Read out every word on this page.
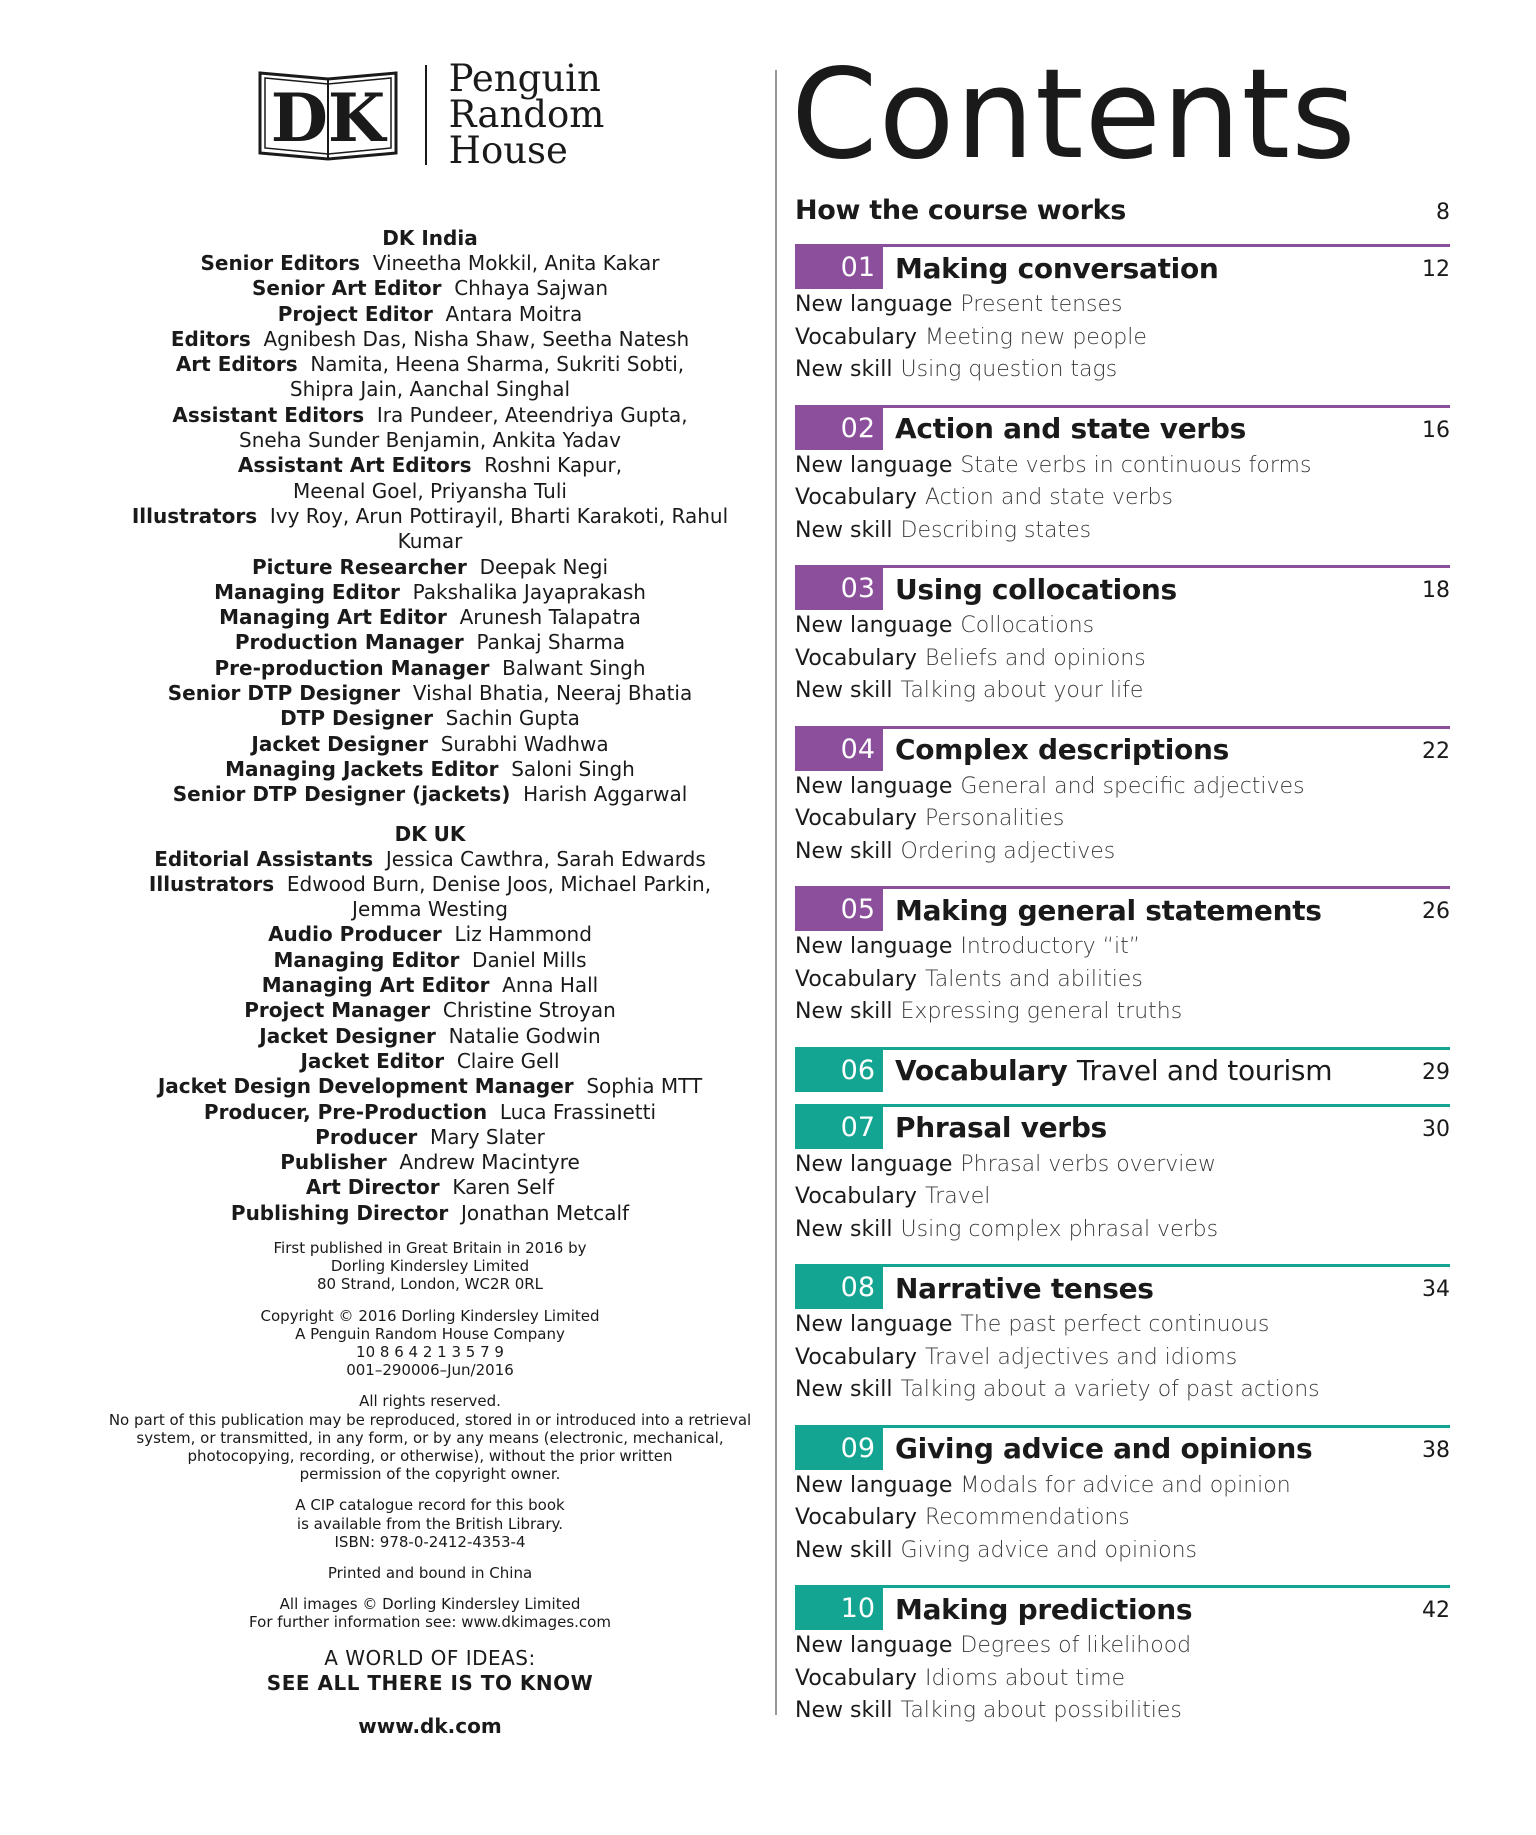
DK
Penguin
Random
House
DK India
Senior Editors Vineetha Mokkil, Anita Kakar
Senior Art Editor Chhaya Sajwan
Project Editor Antara Moitra
Editors Agnibesh Das, Nisha Shaw, Seetha Natesh
Art Editors Namita, Heena Sharma, Sukriti Sobti,
Shipra Jain, Aanchal Singhal
Assistant Editors Ira Pundeer, Ateendriya Gupta,
Sneha Sunder Benjamin, Ankita Yadav
Assistant Art Editors Roshni Kapur,
Meenal Goel, Priyansha Tuli
Illustrators Ivy Roy, Arun Pottirayil, Bharti Karakoti, Rahul Kumar
Picture Researcher Deepak Negi
Managing Editor Pakshalika Jayaprakash
Managing Art Editor Arunesh Talapatra
Production Manager Pankaj Sharma
Pre-production Manager Balwant Singh
Senior DTP Designer Vishal Bhatia, Neeraj Bhatia
DTP Designer Sachin Gupta
Jacket Designer Surabhi Wadhwa
Managing Jackets Editor Saloni Singh
Senior DTP Designer (jackets) Harish Aggarwal
DK UK
Editorial Assistants Jessica Cawthra, Sarah Edwards
Illustrators Edwood Burn, Denise Joos, Michael Parkin,
Jemma Westing
Audio Producer Liz Hammond
Managing Editor Daniel Mills
Managing Art Editor Anna Hall
Project Manager Christine Stroyan
Jacket Designer Natalie Godwin
Jacket Editor Claire Gell
Jacket Design Development Manager Sophia MTT
Producer, Pre-Production Luca Frassinetti
Producer Mary Slater
Publisher Andrew Macintyre
Art Director Karen Self
Publishing Director Jonathan Metcalf
First published in Great Britain in 2016 by
Dorling Kindersley Limited
80 Strand, London, WC2R 0RL
Copyright © 2016 Dorling Kindersley Limited
A Penguin Random House Company
10 8 6 4 2 1 3 5 7 9
001–290006–Jun/2016
All rights reserved.
No part of this publication may be reproduced, stored in or introduced into a retrieval
system, or transmitted, in any form, or by any means (electronic, mechanical,
photocopying, recording, or otherwise), without the prior written
permission of the copyright owner.
A CIP catalogue record for this book
is available from the British Library.
ISBN: 978-0-2412-4353-4
Printed and bound in China
All images © Dorling Kindersley Limited
For further information see: www.dkimages.com
A WORLD OF IDEAS:
SEE ALL THERE IS TO KNOW
www.dk.com
Contents
How the course works	8
01 Making conversation	12
New language Present tenses
Vocabulary Meeting new people
New skill Using question tags
02 Action and state verbs	16
New language State verbs in continuous forms
Vocabulary Action and state verbs
New skill Describing states
03 Using collocations	18
New language Collocations
Vocabulary Beliefs and opinions
New skill Talking about your life
04 Complex descriptions	22
New language General and specific adjectives
Vocabulary Personalities
New skill Ordering adjectives
05 Making general statements	26
New language Introductory “it”
Vocabulary Talents and abilities
New skill Expressing general truths
06 Vocabulary Travel and tourism	29
07 Phrasal verbs	30
New language Phrasal verbs overview
Vocabulary Travel
New skill Using complex phrasal verbs
08 Narrative tenses	34
New language The past perfect continuous
Vocabulary Travel adjectives and idioms
New skill Talking about a variety of past actions
09 Giving advice and opinions	38
New language Modals for advice and opinion
Vocabulary Recommendations
New skill Giving advice and opinions
10 Making predictions	42
New language Degrees of likelihood
Vocabulary Idioms about time
New skill Talking about possibilities
